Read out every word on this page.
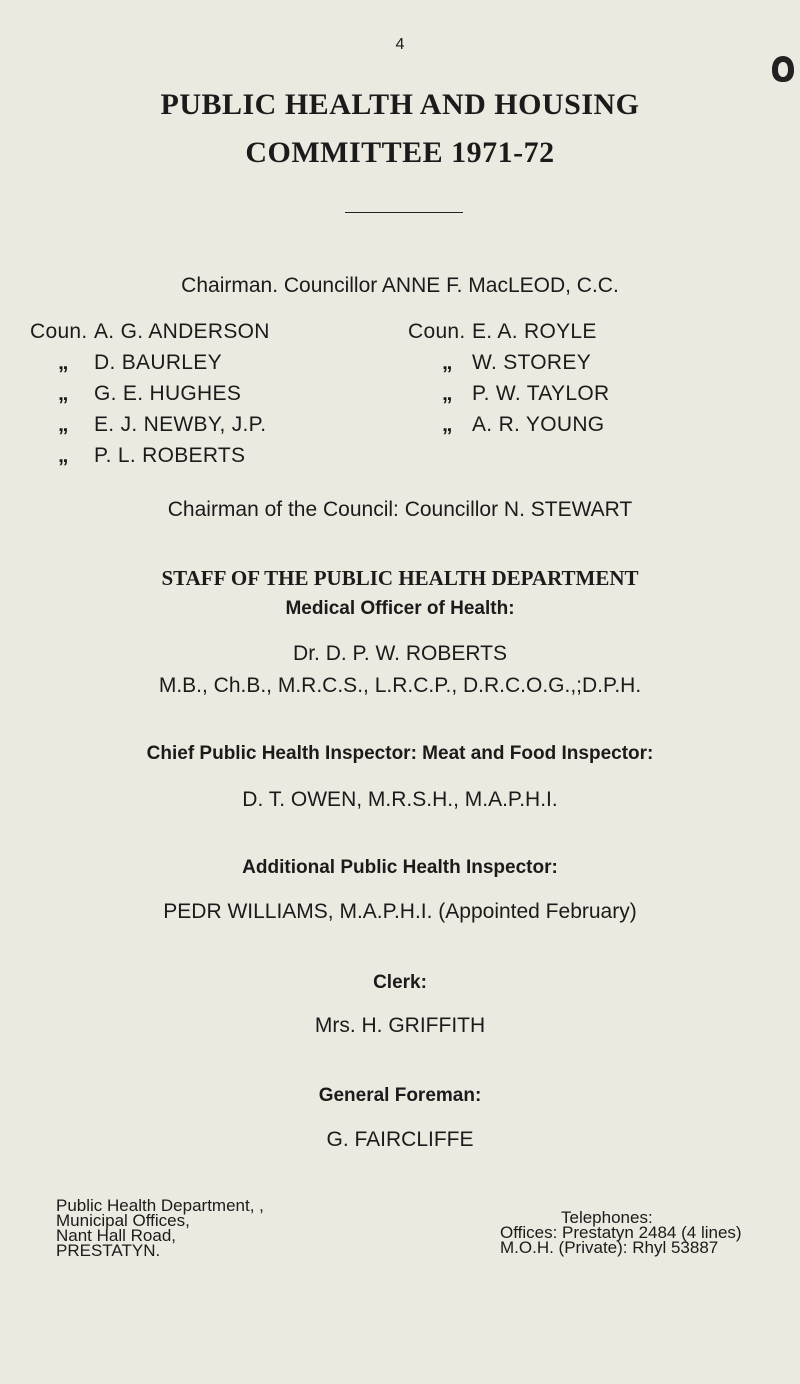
4
PUBLIC HEALTH AND HOUSING
COMMITTEE 1971-72
Chairman. Councillor ANNE F. MacLEOD, C.C.
Coun. A. G. ANDERSON
„ D. BAURLEY
„ G. E. HUGHES
„ E. J. NEWBY, J.P.
„ P. L. ROBERTS
Coun. E. A. ROYLE
„ W. STOREY
„ P. W. TAYLOR
„ A. R. YOUNG
Chairman of the Council: Councillor N. STEWART
STAFF OF THE PUBLIC HEALTH DEPARTMENT
Medical Officer of Health:
Dr. D. P. W. ROBERTS
M.B., Ch.B., M.R.C.S., L.R.C.P., D.R.C.O.G.,;D.P.H.
Chief Public Health Inspector: Meat and Food Inspector:
D. T. OWEN, M.R.S.H., M.A.P.H.I.
Additional Public Health Inspector:
PEDR WILLIAMS, M.A.P.H.I. (Appointed February)
Clerk:
Mrs. H. GRIFFITH
General Foreman:
G. FAIRCLIFFE
Public Health Department, ,
Municipal Offices,
Nant Hall Road,
PRESTATYN.
Telephones:
Offices: Prestatyn 2484 (4 lines)
M.O.H. (Private): Rhyl 53887
